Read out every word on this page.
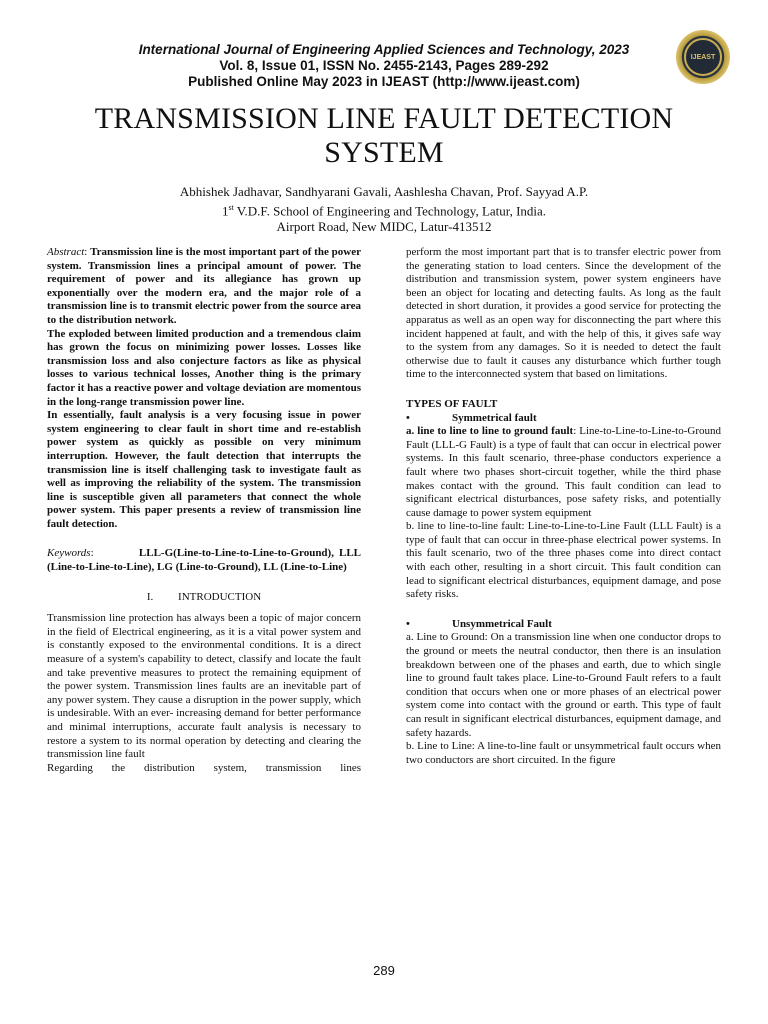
International Journal of Engineering Applied Sciences and Technology, 2023
Vol. 8, Issue 01, ISSN No. 2455-2143, Pages 289-292
Published Online May 2023 in IJEAST (http://www.ijeast.com)
IJEAST
TRANSMISSION LINE FAULT DETECTION
SYSTEM
Abhishek Jadhavar, Sandhyarani Gavali, Aashlesha Chavan, Prof. Sayyad A.P.
1st V.D.F. School of Engineering and Technology, Latur, India.
Airport Road, New MIDC, Latur-413512

Abstract: Transmission line is the most important part of the power system. Transmission lines a principal amount of power. The requirement of power and its allegiance has grown up exponentially over the modern era, and the major role of a transmission line is to transmit electric power from the source area to the distribution network.

The exploded between limited production and a tremendous claim has grown the focus on minimizing power losses. Losses like transmission loss and also conjecture factors as like as physical losses to various technical losses, Another thing is the primary factor it has a reactive power and voltage deviation are momentous in the long-range transmission power line.

In essentially, fault analysis is a very focusing issue in power system engineering to clear fault in short time and re-establish power system as quickly as possible on very minimum interruption. However, the fault detection that interrupts the transmission line is itself challenging task to investigate fault as well as improving the reliability of the system. The transmission line is susceptible given all parameters that connect the whole power system. This paper presents a review of transmission line fault detection.

Keywords:	LLL-G(Line-to-Line-to-Line-to-Ground), LLL (Line-to-Line-to-Line), LG (Line-to-Ground), LL (Line-to-Line)

I. INTRODUCTION

Transmission line protection has always been a topic of major concern in the field of Electrical engineering, as it is a vital power system and is constantly exposed to the environmental conditions. It is a direct measure of a system's capability to detect, classify and locate the fault and take preventive measures to protect the remaining equipment of the power system. Transmission lines faults are an inevitable part of any power system. They cause a disruption in the power supply, which is undesirable. With an ever- increasing demand for better performance and minimal interruptions, accurate fault analysis is necessary to restore a system to its normal operation by detecting and clearing the transmission line fault

Regarding the distribution system, transmission lines

perform the most important part that is to transfer electric power from the generating station to load centers. Since the development of the distribution and transmission system, power system engineers have been an object for locating and detecting faults. As long as the fault detected in short duration, it provides a good service for protecting the apparatus as well as an open way for disconnecting the part where this incident happened at fault, and with the help of this, it gives safe way to the system from any damages. So it is needed to detect the fault otherwise due to fault it causes any disturbance which further tough time to the interconnected system that based on limitations.

TYPES OF FAULT

•	Symmetrical fault

a. line to line to line to ground fault: Line-to-Line-to-Line-to-Ground Fault (LLL-G Fault) is a type of fault that can occur in electrical power systems. In this fault scenario, three-phase conductors experience a fault where two phases short-circuit together, while the third phase makes contact with the ground. This fault condition can lead to significant electrical disturbances, pose safety risks, and potentially cause damage to power system equipment

b. line to line-to-line fault: Line-to-Line-to-Line Fault (LLL Fault) is a type of fault that can occur in three-phase electrical power systems. In this fault scenario, two of the three phases come into direct contact with each other, resulting in a short circuit. This fault condition can lead to significant electrical disturbances, equipment damage, and pose safety risks.

•	Unsymmetrical Fault

a. Line to Ground: On a transmission line when one conductor drops to the ground or meets the neutral conductor, then there is an insulation breakdown between one of the phases and earth, due to which single line to ground fault takes place. Line-to-Ground Fault refers to a fault condition that occurs when one or more phases of an electrical power system come into contact with the ground or earth. This type of fault can result in significant electrical disturbances, equipment damage, and safety hazards.

b. Line to Line: A line-to-line fault or unsymmetrical fault occurs when two conductors are short circuited. In the figure

289
